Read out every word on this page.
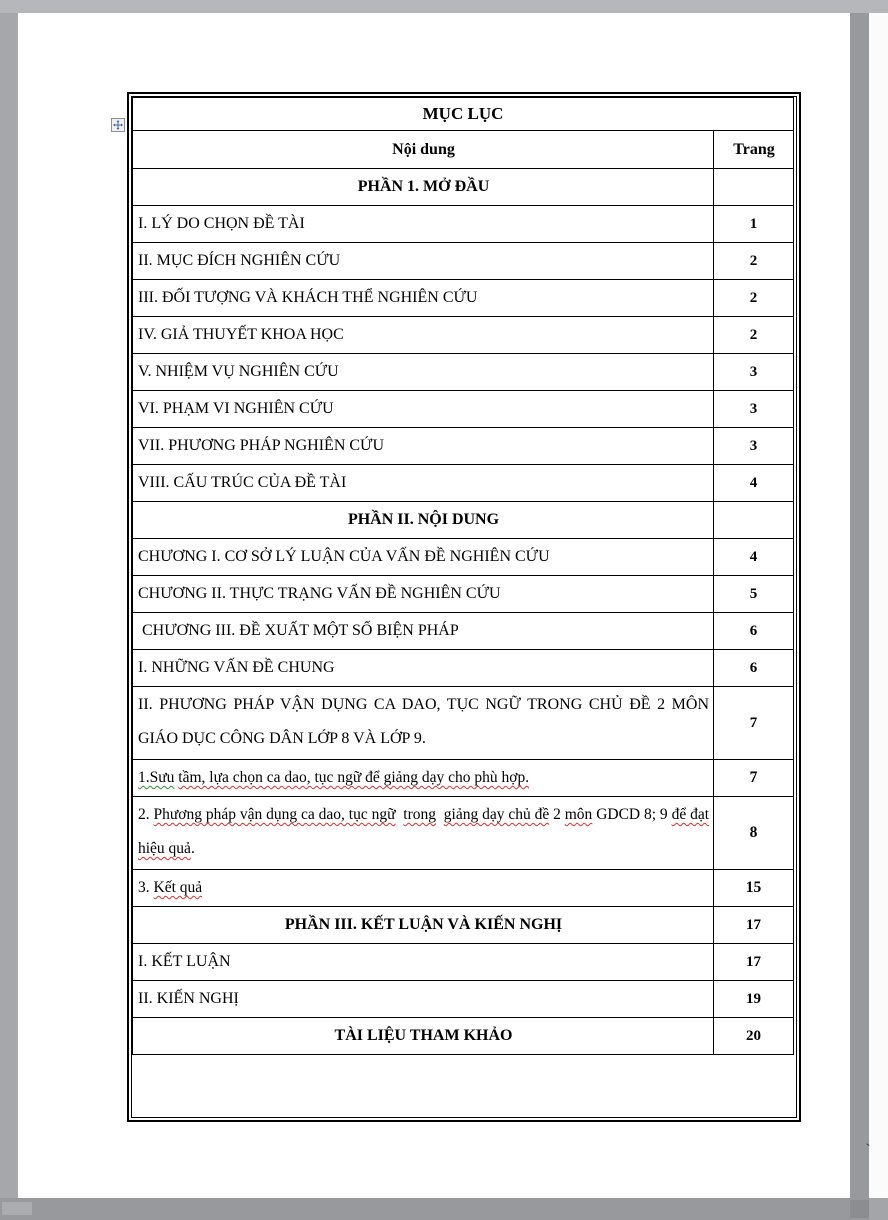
MỤC LỤC	
Nội dung	Trang
PHẦN 1. MỞ ĐẦU	
I. LÝ DO CHỌN ĐỀ TÀI	1
II. MỤC ĐÍCH NGHIÊN CỨU	2
III. ĐỐI TƯỢNG VÀ KHÁCH THỂ NGHIÊN CỨU	2
IV. GIẢ THUYẾT KHOA HỌC	2
V. NHIỆM VỤ NGHIÊN CỨU	3
VI. PHẠM VI NGHIÊN CỨU	3
VII. PHƯƠNG PHÁP NGHIÊN CỨU	3
VIII. CẤU TRÚC CỦA ĐỀ TÀI	4
PHẦN II. NỘI DUNG	
CHƯƠNG I. CƠ SỞ LÝ LUẬN CỦA VẤN ĐỀ NGHIÊN CỨU	4
CHƯƠNG II. THỰC TRẠNG VẤN ĐỀ NGHIÊN CỨU	5
CHƯƠNG III. ĐỀ XUẤT MỘT SỐ BIỆN PHÁP	6
I. NHỮNG VẤN ĐỀ CHUNG	6
II. PHƯƠNG PHÁP VẬN DỤNG CA DAO, TỤC NGỮ TRONG CHỦ ĐỀ 2 MÔN GIÁO DỤC CÔNG DÂN LỚP 8 VÀ LỚP 9.	7
1.Sưu tầm, lựa chọn ca dao, tục ngữ để giảng dạy cho phù hợp.	7
2. Phương pháp vận dụng ca dao, tục ngữ trong giảng dạy chủ đề 2 môn GDCD 8; 9 để đạt hiệu quả.	8
3. Kết quả	15
PHẦN III. KẾT LUẬN VÀ KIẾN NGHỊ	17
I. KẾT LUẬN	17
II. KIẾN NGHỊ	19
TÀI LIỆU THAM KHẢO	20
`
